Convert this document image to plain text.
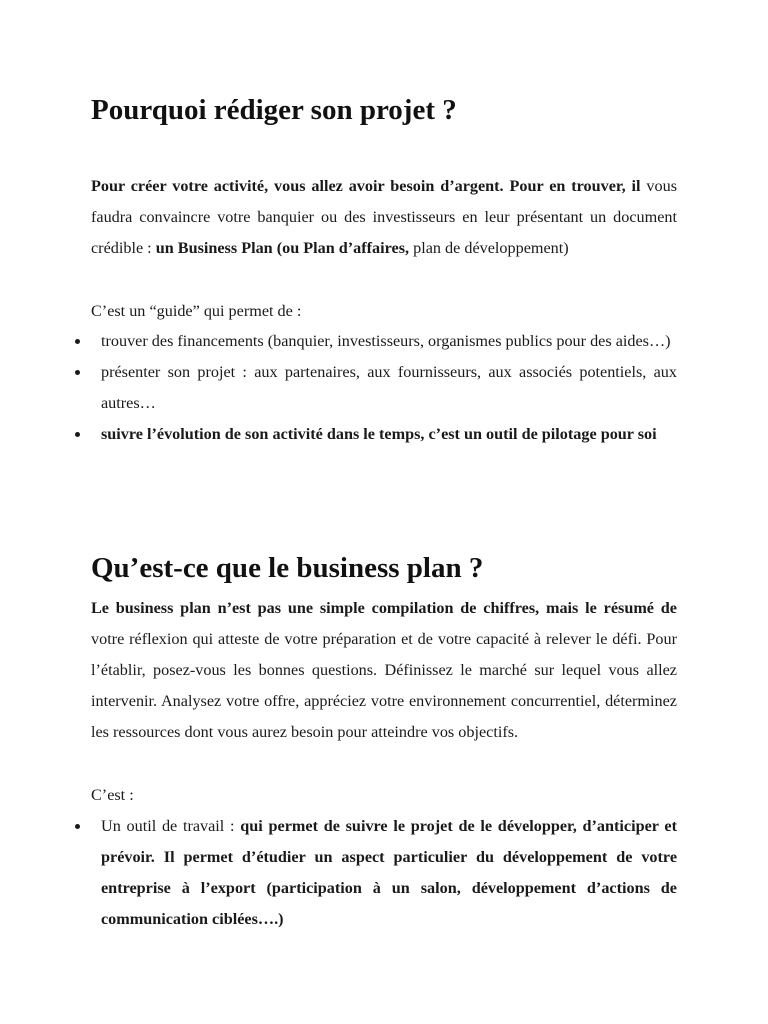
Pourquoi rédiger son projet ?

Pour créer votre activité, vous allez avoir besoin d’argent. Pour en trouver, il vous faudra convaincre votre banquier ou des investisseurs en leur présentant un document crédible : un Business Plan (ou Plan d’affaires, plan de développement)

C’est un “guide” qui permet de :

trouver des financements (banquier, investisseurs, organismes publics pour des aides…)
présenter son projet : aux partenaires, aux fournisseurs, aux associés potentiels, aux autres…
suivre l’évolution de son activité dans le temps, c’est un outil de pilotage pour soi
Qu’est-ce que le business plan ?

Le business plan n’est pas une simple compilation de chiffres, mais le résumé de votre réflexion qui atteste de votre préparation et de votre capacité à relever le défi. Pour l’établir, posez-vous les bonnes questions. Définissez le marché sur lequel vous allez intervenir. Analysez votre offre, appréciez votre environnement concurrentiel, déterminez les ressources dont vous aurez besoin pour atteindre vos objectifs.

C’est :

Un outil de travail : qui permet de suivre le projet de le développer, d’anticiper et prévoir. Il permet d’étudier un aspect particulier du développement de votre entreprise à l’export (participation à un salon, développement d’actions de communication ciblées….)
